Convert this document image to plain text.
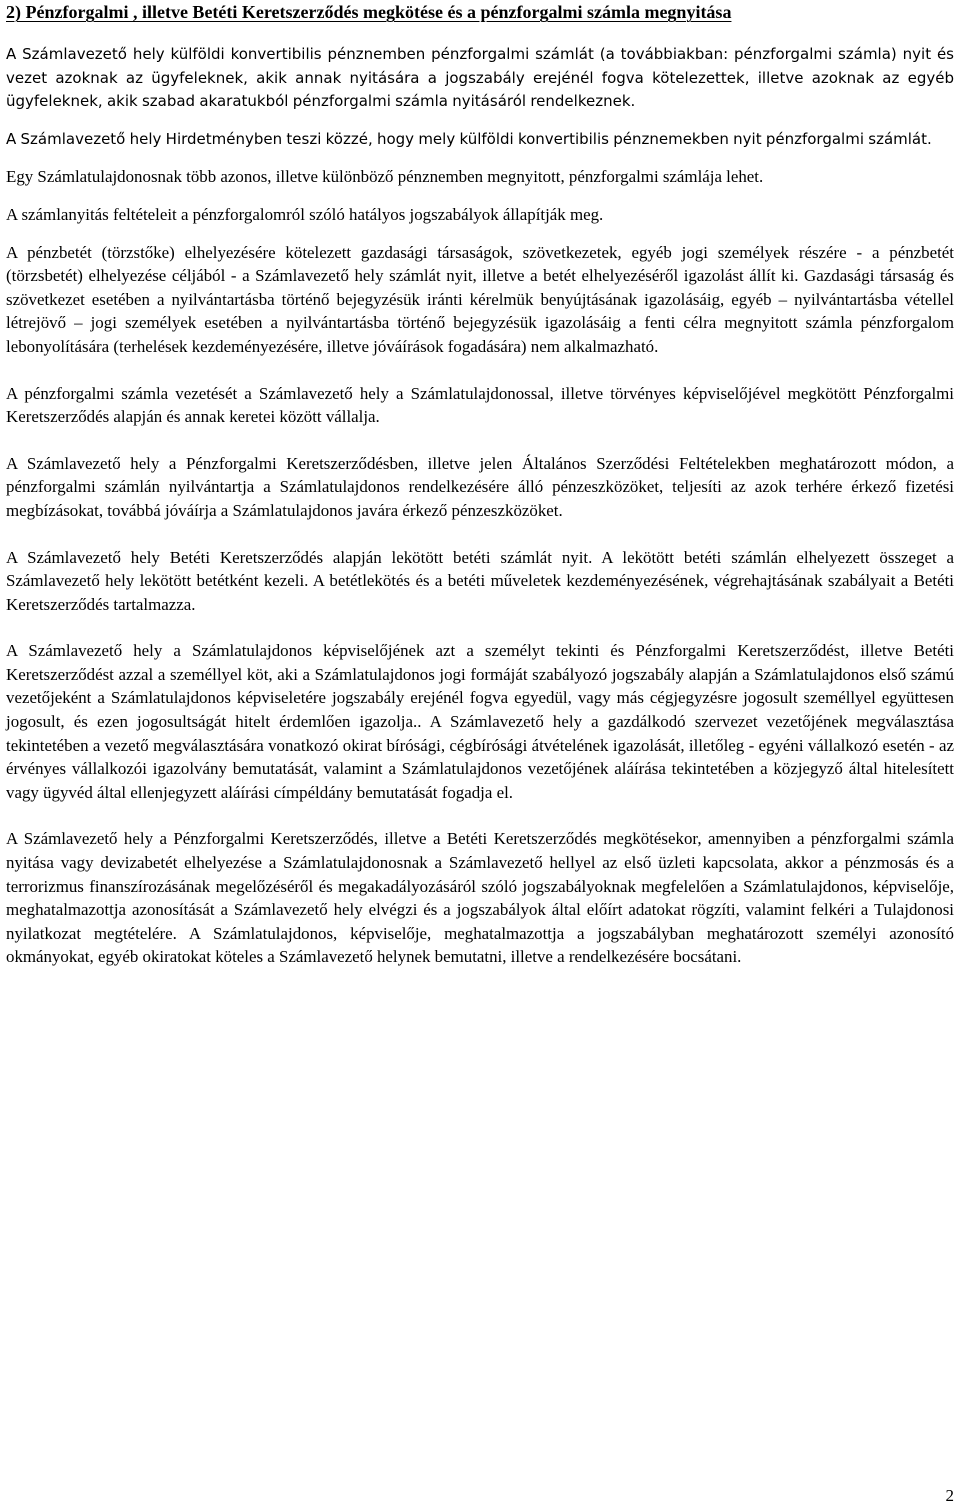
2) Pénzforgalmi , illetve Betéti Keretszerződés megkötése és a pénzforgalmi számla megnyitása

A Számlavezető hely külföldi konvertibilis pénznemben pénzforgalmi számlát (a továbbiakban: pénzforgalmi számla) nyit és vezet azoknak az ügyfeleknek, akik annak nyitására a jogszabály erejénél fogva kötelezettek, illetve azoknak az egyéb ügyfeleknek, akik szabad akaratukból pénzforgalmi számla nyitásáról rendelkeznek.

A Számlavezető hely Hirdetményben teszi közzé, hogy mely külföldi konvertibilis pénznemekben nyit pénzforgalmi számlát.

Egy Számlatulajdonosnak több azonos, illetve különböző pénznemben megnyitott, pénzforgalmi számlája lehet.

A számlanyitás feltételeit a pénzforgalomról szóló hatályos jogszabályok állapítják meg.

A pénzbetét (törzstőke) elhelyezésére kötelezett gazdasági társaságok, szövetkezetek, egyéb jogi személyek részére - a pénzbetét (törzsbetét) elhelyezése céljából - a Számlavezető hely számlát nyit, illetve a betét elhelyezéséről igazolást állít ki. Gazdasági társaság és szövetkezet esetében a nyilvántartásba történő bejegyzésük iránti kérelmük benyújtásának igazolásáig, egyéb – nyilvántartásba vétellel létrejövő – jogi személyek esetében a nyilvántartásba történő bejegyzésük igazolásáig a fenti célra megnyitott számla pénzforgalom lebonyolítására (terhelések kezdeményezésére, illetve jóváírások fogadására) nem alkalmazható.

A pénzforgalmi számla vezetését a Számlavezető hely a Számlatulajdonossal, illetve törvényes képviselőjével megkötött Pénzforgalmi Keretszerződés alapján és annak keretei között vállalja.

A Számlavezető hely a Pénzforgalmi Keretszerződésben, illetve jelen Általános Szerződési Feltételekben meghatározott módon, a pénzforgalmi számlán nyilvántartja a Számlatulajdonos rendelkezésére álló pénzeszközöket, teljesíti az azok terhére érkező fizetési megbízásokat, továbbá jóváírja a Számlatulajdonos javára érkező pénzeszközöket.

A Számlavezető hely Betéti Keretszerződés alapján lekötött betéti számlát nyit. A lekötött betéti számlán elhelyezett összeget a Számlavezető hely lekötött betétként kezeli. A betétlekötés és a betéti műveletek kezdeményezésének, végrehajtásának szabályait a Betéti Keretszerződés tartalmazza.

A Számlavezető hely a Számlatulajdonos képviselőjének azt a személyt tekinti és Pénzforgalmi Keretszerződést, illetve Betéti Keretszerződést azzal a személlyel köt, aki a Számlatulajdonos jogi formáját szabályozó jogszabály alapján a Számlatulajdonos első számú vezetőjeként a Számlatulajdonos képviseletére jogszabály erejénél fogva egyedül, vagy más cégjegyzésre jogosult személlyel együttesen jogosult, és ezen jogosultságát hitelt érdemlően igazolja.. A Számlavezető hely a gazdálkodó szervezet vezetőjének megválasztása tekintetében a vezető megválasztására vonatkozó okirat bírósági, cégbírósági átvételének igazolását, illetőleg - egyéni vállalkozó esetén - az érvényes vállalkozói igazolvány bemutatását, valamint a Számlatulajdonos vezetőjének aláírása tekintetében a közjegyző által hitelesített vagy ügyvéd által ellenjegyzett aláírási címpéldány bemutatását fogadja el.

A Számlavezető hely a Pénzforgalmi Keretszerződés, illetve a Betéti Keretszerződés megkötésekor, amennyiben a pénzforgalmi számla nyitása vagy devizabetét elhelyezése a Számlatulajdonosnak a Számlavezető hellyel az első üzleti kapcsolata, akkor a pénzmosás és a terrorizmus finanszírozásának megelőzéséről és megakadályozásáról szóló jogszabályoknak megfelelően a Számlatulajdonos, képviselője, meghatalmazottja azonosítását a Számlavezető hely elvégzi és a jogszabályok által előírt adatokat rögzíti, valamint felkéri a Tulajdonosi nyilatkozat megtételére. A Számlatulajdonos, képviselője, meghatalmazottja a jogszabályban meghatározott személyi azonosító okmányokat, egyéb okiratokat köteles a Számlavezető helynek bemutatni, illetve a rendelkezésére bocsátani.

2
